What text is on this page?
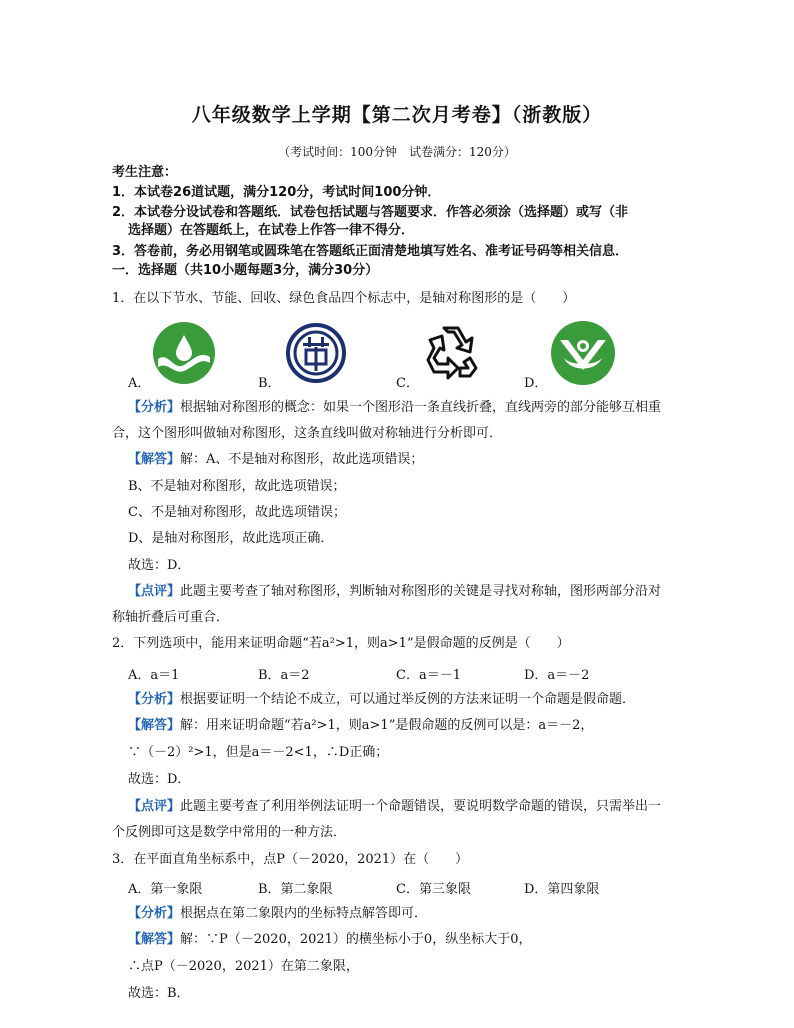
八年级数学上学期【第二次月考卷】（浙教版）
（考试时间：100分钟　试卷满分：120分）
考生注意：
1．本试卷26道试题，满分120分，考试时间100分钟．
2．本试卷分设试卷和答题纸．试卷包括试题与答题要求．作答必须涂（选择题）或写（非
选择题）在答题纸上，在试卷上作答一律不得分．
3．答卷前，务必用钢笔或圆珠笔在答题纸正面清楚地填写姓名、准考证号码等相关信息．
一．选择题（共10小题每题3分，满分30分）
1．在以下节水、节能、回收、绿色食品四个标志中，是轴对称图形的是（　　）
A．	B．	C．	D．
【分析】根据轴对称图形的概念：如果一个图形沿一条直线折叠，直线两旁的部分能够互相重
合，这个图形叫做轴对称图形，这条直线叫做对称轴进行分析即可．
【解答】解：A、不是轴对称图形，故此选项错误；
B、不是轴对称图形，故此选项错误；
C、不是轴对称图形，故此选项错误；
D、是轴对称图形，故此选项正确．
故选：D．
【点评】此题主要考查了轴对称图形，判断轴对称图形的关键是寻找对称轴，图形两部分沿对
称轴折叠后可重合．
2．下列选项中，能用来证明命题“若a²>1，则a>1”是假命题的反例是（　　）
A．a＝1	B．a＝2	C．a＝－1	D．a＝－2
【分析】根据要证明一个结论不成立，可以通过举反例的方法来证明一个命题是假命题．
【解答】解：用来证明命题“若a²>1，则a>1”是假命题的反例可以是：a＝－2，
∵（－2）²>1，但是a＝－2<1，∴D正确；
故选：D．
【点评】此题主要考查了利用举例法证明一个命题错误，要说明数学命题的错误，只需举出一
个反例即可这是数学中常用的一种方法．
3．在平面直角坐标系中，点P（－2020，2021）在（　　）
A．第一象限	B．第二象限	C．第三象限	D．第四象限
【分析】根据点在第二象限内的坐标特点解答即可．
【解答】解：∵P（－2020，2021）的横坐标小于0，纵坐标大于0，
∴点P（－2020，2021）在第二象限，
故选：B．
